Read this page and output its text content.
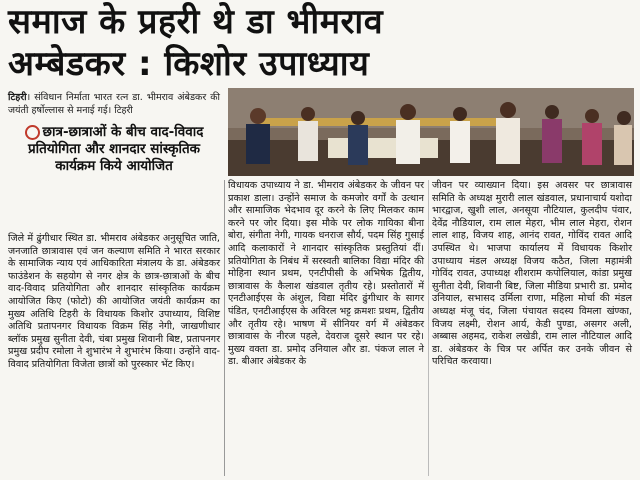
समाज के प्रहरी थे डा भीमराव
अम्बेडकर : किशोर उपाध्याय
टिहरी। संविधान निर्माता भारत रत्न डा. भीमराव अंबेडकर की जयंती हर्षोल्लास से मनाई गई। टिहरी
छात्र-छात्राओं के बीच वाद-विवाद प्रतियोगिता और शानदार सांस्कृतिक कार्यक्रम किये आयोजित
जिले में ढुंगीधार स्थित डा. भीमराव अंबेडकर अनुसूचित जाति, जनजाति छात्रावास एवं जन कल्याण समिति ने भारत सरकार के सामाजिक न्याय एवं आधिकारिता मंत्रालय के डा. अंबेडकर फाउंडेशन के सहयोग से नगर क्षेत्र के छात्र-छात्राओं के बीच वाद-विवाद प्रतियोगिता और शानदार सांस्कृतिक कार्यक्रम आयोजित किए (फोटो) की आयोजित जयंती कार्यक्रम का मुख्य अतिथि टिहरी के विधायक किशोर उपाध्याय, विशिष्ट अतिथि प्रतापनगर विधायक विक्रम सिंह नेगी, जाखणीधार ब्लॉक प्रमुख सुनीता देवी, चंबा प्रमुख शिवानी बिष्ट, प्रतापनगर प्रमुख प्रदीप रमोला ने शुभारंभ ने शुभारंभ किया। उन्होंने वाद-विवाद प्रतियोगिता विजेता छात्रों को पुरस्कार भेंट किए।
विधायक उपाध्याय ने डा. भीमराव अंबेडकर के जीवन पर प्रकाश डाला। उन्होंने समाज के कमजोर वर्गों के उत्थान और सामाजिक भेदभाव दूर करने के लिए मिलकर काम करने पर जोर दिया। इस मौके पर लोक गायिका बीना बोरा, संगीता नेगी, गायक धनराज सौर्य, पदम सिंह गुसाई आदि कलाकारों ने शानदार सांस्कृतिक प्रस्तुतियां दीं। प्रतियोगिता के निबंध में सरस्वती बालिका विद्या मंदिर की मोहिना स्थान प्रथम, एनटीपीसी के अभिषेक द्वितीय, छात्रावास के कैलाश खंडवाल तृतीय रहे। प्रस्तोतारों में एनटीआईएस के अंशुल, विद्या मंदिर ढुंगीधार के सागर पंडित, एनटीआईएस के अविरल भट्ट क्रमशः प्रथम, द्वितीय और तृतीय रहे। भाषण में सीनियर वर्ग में अंबेडकर छात्रावास के नीरज पहले, देवराज दूसरे स्थान पर रहे। मुख्य वक्ता डा. प्रमोद उनियाल और डा. पंकज लाल ने डा. बीआर अंबेडकर के
जीवन पर व्याख्यान दिया। इस अवसर पर छात्रावास समिति के अध्यक्ष मुरारी लाल खंडवाल, प्रधानाचार्य यशोदा भारद्वाज, खुशी लाल, अनसूया नौटियाल, कुलदीप पंवार, देवेंद्र नौडियाल, राम लाल मेहरा, भीम लाल मेहरा, रोशन लाल शाह, विजय शाह, आनंद रावत, गोविंद रावत आदि उपस्थित थे। भाजपा कार्यालय में विधायक किशोर उपाध्याय मंडल अध्यक्ष विजय कठैत, जिला महामंत्री गोविंद रावत, उपाध्यक्ष शीशराम कपोलियाल, कांडा प्रमुख सुनीता देवी, शिवानी बिष्ट, जिला मीडिया प्रभारी डा. प्रमोद उनियाल, सभासद उर्मिला राणा, महिला मोर्चा की मंडल अध्यक्ष मंजू चंद, जिला पंचायत सदस्य विमला खंण्का, विजय लक्ष्मी, रोशन आर्य, केडी पुण्डा, असगर अली, अब्बास अहमद, राकेश लखेडी, राम लाल नौटियाल आदि डा. अंबेडकर के चित्र पर अर्पित कर उनके जीवन से परिचित करवाया।
